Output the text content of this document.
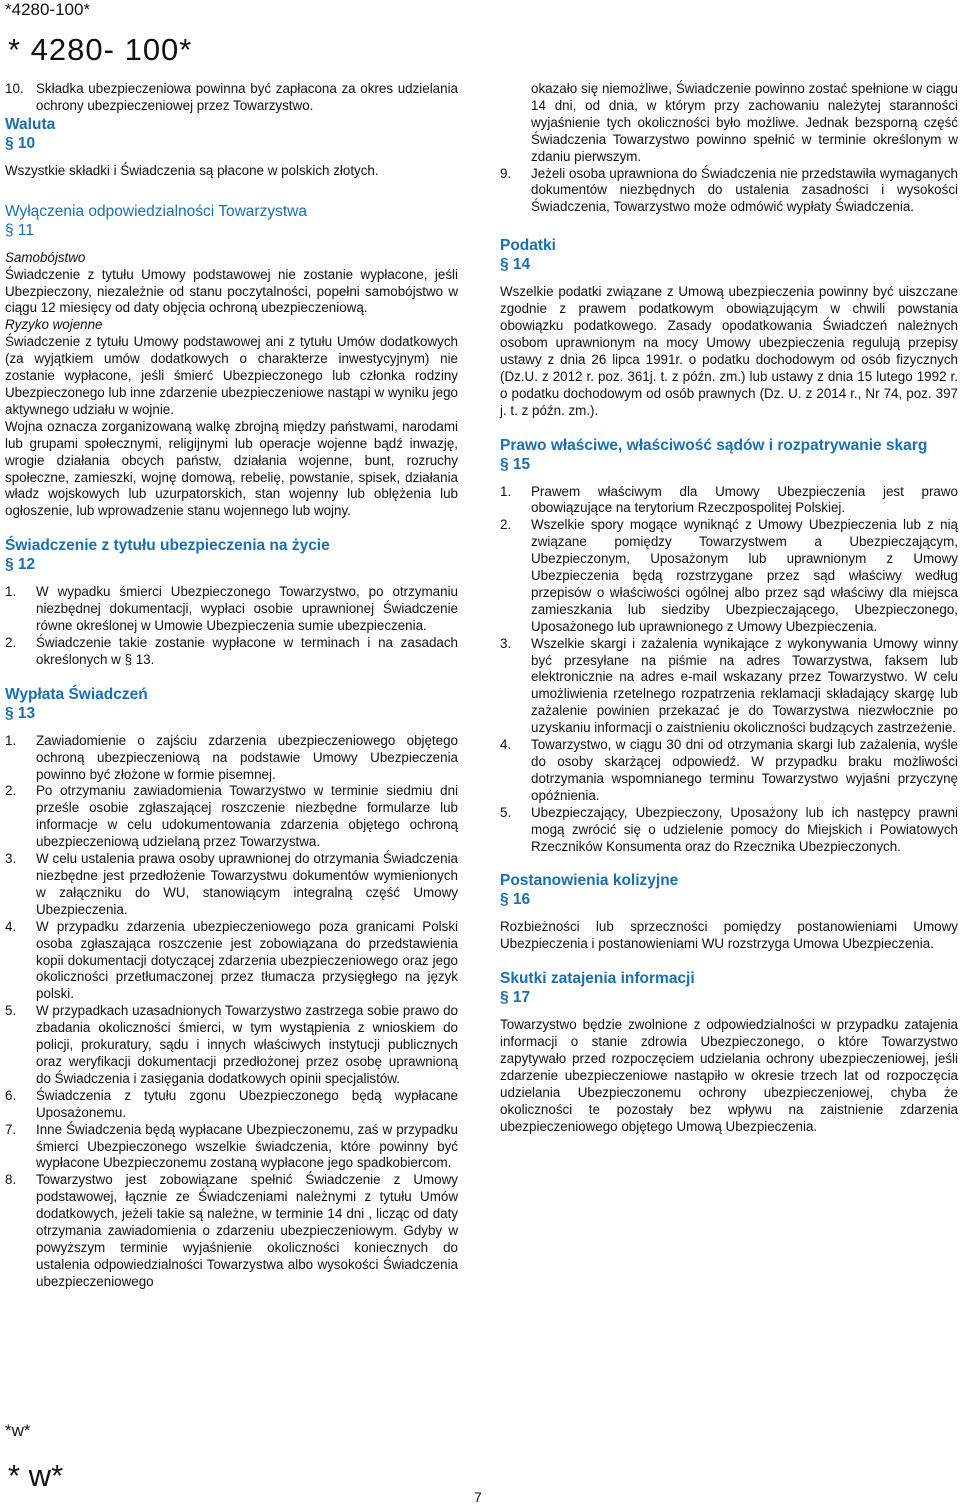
*4280-100*
* 4280- 100*
10. Składka ubezpieczeniowa powinna być zapłacona za okres udzielania ochrony ubezpieczeniowej przez Towarzystwo.
Waluta
§ 10

Wszystkie składki i Świadczenia są płacone w polskich złotych.

Wyłączenia odpowiedzialności Towarzystwa
§ 11
Samobójstwo

Świadczenie z tytułu Umowy podstawowej nie zostanie wypłacone, jeśli Ubezpieczony, niezależnie od stanu poczytalności, popełni samobójstwo w ciągu 12 miesięcy od daty objęcia ochroną ubezpieczeniową.

Ryzyko wojenne

Świadczenie z tytułu Umowy podstawowej ani z tytułu Umów dodatkowych (za wyjątkiem umów dodatkowych o charakterze inwestycyjnym) nie zostanie wypłacone, jeśli śmierć Ubezpieczonego lub członka rodziny Ubezpieczonego lub inne zdarzenie ubezpieczeniowe nastąpi w wyniku jego aktywnego udziału w wojnie.

Wojna oznacza zorganizowaną walkę zbrojną między państwami, narodami lub grupami społecznymi, religijnymi lub operacje wojenne bądź inwazję, wrogie działania obcych państw, działania wojenne, bunt, rozruchy społeczne, zamieszki, wojnę domową, rebelię, powstanie, spisek, działania władz wojskowych lub uzurpatorskich, stan wojenny lub oblężenia lub ogłoszenie, lub wprowadzenie stanu wojennego lub wojny.

Świadczenie z tytułu ubezpieczenia na życie
§ 12
1. W wypadku śmierci Ubezpieczonego Towarzystwo, po otrzymaniu niezbędnej dokumentacji, wypłaci osobie uprawnionej Świadczenie równe określonej w Umowie Ubezpieczenia sumie ubezpieczenia.
2. Świadczenie takie zostanie wypłacone w terminach i na zasadach określonych w § 13.
Wypłata Świadczeń
§ 13
1. Zawiadomienie o zajściu zdarzenia ubezpieczeniowego objętego ochroną ubezpieczeniową na podstawie Umowy Ubezpieczenia powinno być złożone w formie pisemnej.
2. Po otrzymaniu zawiadomienia Towarzystwo w terminie siedmiu dni prześle osobie zgłaszającej roszczenie niezbędne formularze lub informacje w celu udokumentowania zdarzenia objętego ochroną ubezpieczeniową udzielaną przez Towarzystwa.
3. W celu ustalenia prawa osoby uprawnionej do otrzymania Świadczenia niezbędne jest przedłożenie Towarzystwu dokumentów wymienionych w załączniku do WU, stanowiącym integralną część Umowy Ubezpieczenia.
4. W przypadku zdarzenia ubezpieczeniowego poza granicami Polski osoba zgłaszająca roszczenie jest zobowiązana do przedstawienia kopii dokumentacji dotyczącej zdarzenia ubezpieczeniowego oraz jego okoliczności przetłumaczonej przez tłumacza przysięgłego na język polski.
5. W przypadkach uzasadnionych Towarzystwo zastrzega sobie prawo do zbadania okoliczności śmierci, w tym wystąpienia z wnioskiem do policji, prokuratury, sądu i innych właściwych instytucji publicznych oraz weryfikacji dokumentacji przedłożonej przez osobę uprawnioną do Świadczenia i zasięgania dodatkowych opinii specjalistów.
6. Świadczenia z tytułu zgonu Ubezpieczonego będą wypłacane Uposażonemu.
7. Inne Świadczenia będą wypłacane Ubezpieczonemu, zaś w przypadku śmierci Ubezpieczonego wszelkie świadczenia, które powinny być wypłacone Ubezpieczonemu zostaną wypłacone jego spadkobiercom.
8. Towarzystwo jest zobowiązane spełnić Świadczenie z Umowy podstawowej, łącznie ze Świadczeniami należnymi z tytułu Umów dodatkowych, jeżeli takie są należne, w terminie 14 dni , licząc od daty otrzymania zawiadomienia o zdarzeniu ubezpieczeniowym. Gdyby w powyższym terminie wyjaśnienie okoliczności koniecznych do ustalenia odpowiedzialności Towarzystwa albo wysokości Świadczenia ubezpieczeniowego

okazało się niemożliwe, Świadczenie powinno zostać spełnione w ciągu 14 dni, od dnia, w którym przy zachowaniu należytej staranności wyjaśnienie tych okoliczności było możliwe. Jednak bezsporną część Świadczenia Towarzystwo powinno spełnić w terminie określonym w zdaniu pierwszym.

9. Jeżeli osoba uprawniona do Świadczenia nie przedstawiła wymaganych dokumentów niezbędnych do ustalenia zasadności i wysokości Świadczenia, Towarzystwo może odmówić wypłaty Świadczenia.
Podatki
§ 14

Wszelkie podatki związane z Umową ubezpieczenia powinny być uiszczane zgodnie z prawem podatkowym obowiązującym w chwili powstania obowiązku podatkowego. Zasady opodatkowania Świadczeń należnych osobom uprawnionym na mocy Umowy ubezpieczenia regulują przepisy ustawy z dnia 26 lipca 1991r. o podatku dochodowym od osób fizycznych (Dz.U. z 2012 r. poz. 361j. t. z późn. zm.) lub ustawy z dnia 15 lutego 1992 r. o podatku dochodowym od osób prawnych (Dz. U. z 2014 r., Nr 74, poz. 397 j. t. z późn. zm.).

Prawo właściwe, właściwość sądów i rozpatrywanie skarg
§ 15
1. Prawem właściwym dla Umowy Ubezpieczenia jest prawo obowiązujące na terytorium Rzeczpospolitej Polskiej.
2. Wszelkie spory mogące wyniknąć z Umowy Ubezpieczenia lub z nią związane pomiędzy Towarzystwem a Ubezpieczającym, Ubezpieczonym, Uposażonym lub uprawnionym z Umowy Ubezpieczenia będą rozstrzygane przez sąd właściwy według przepisów o właściwości ogólnej albo przez sąd właściwy dla miejsca zamieszkania lub siedziby Ubezpieczającego, Ubezpieczonego, Uposażonego lub uprawnionego z Umowy Ubezpieczenia.
3. Wszelkie skargi i zażalenia wynikające z wykonywania Umowy winny być przesyłane na piśmie na adres Towarzystwa, faksem lub elektronicznie na adres e-mail wskazany przez Towarzystwo. W celu umożliwienia rzetelnego rozpatrzenia reklamacji składający skargę lub zażalenie powinien przekazać je do Towarzystwa niezwłocznie po uzyskaniu informacji o zaistnieniu okoliczności budzących zastrzeżenie.
4. Towarzystwo, w ciągu 30 dni od otrzymania skargi lub zażalenia, wyśle do osoby skarżącej odpowiedź. W przypadku braku możliwości dotrzymania wspomnianego terminu Towarzystwo wyjaśni przyczynę opóźnienia.
5. Ubezpieczający, Ubezpieczony, Uposażony lub ich następcy prawni mogą zwrócić się o udzielenie pomocy do Miejskich i Powiatowych Rzeczników Konsumenta oraz do Rzecznika Ubezpieczonych.
Postanowienia kolizyjne
§ 16

Rozbieżności lub sprzeczności pomiędzy postanowieniami Umowy Ubezpieczenia i postanowieniami WU rozstrzyga Umowa Ubezpieczenia.

Skutki zatajenia informacji
§ 17

Towarzystwo będzie zwolnione z odpowiedzialności w przypadku zatajenia informacji o stanie zdrowia Ubezpieczonego, o które Towarzystwo zapytywało przed rozpoczęciem udzielania ochrony ubezpieczeniowej, jeśli zdarzenie ubezpieczeniowe nastąpiło w okresie trzech lat od rozpoczęcia udzielania Ubezpieczonemu ochrony ubezpieczeniowej, chyba że okoliczności te pozostały bez wpływu na zaistnienie zdarzenia ubezpieczeniowego objętego Umową Ubezpieczenia.

*w*
* w*
7
